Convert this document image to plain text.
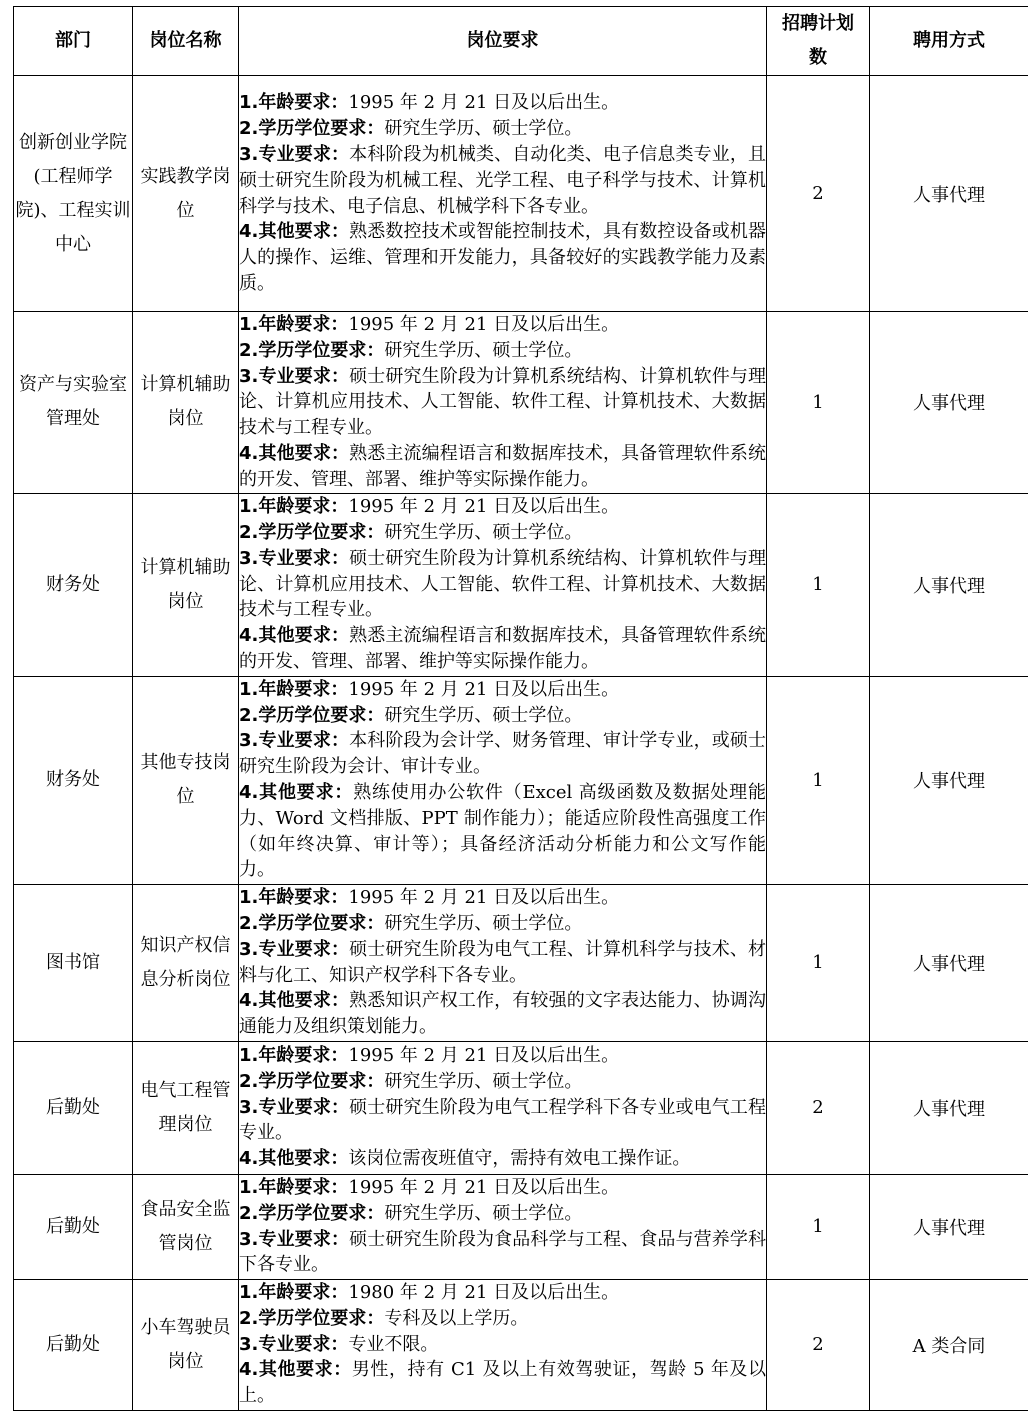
部门	岗位名称	岗位要求	招聘计划数	聘用方式
创新创业学院(工程师学院)、工程实训中心	实践教学岗位	1.年龄要求：1995 年 2 月 21 日及以后出生。
2.学历学位要求：研究生学历、硕士学位。
3.专业要求：本科阶段为机械类、自动化类、电子信息类专业，且硕士研究生阶段为机械工程、光学工程、电子科学与技术、计算机科学与技术、电子信息、机械学科下各专业。
4.其他要求：熟悉数控技术或智能控制技术，具有数控设备或机器人的操作、运维、管理和开发能力，具备较好的实践教学能力及素质。	2	人事代理
资产与实验室管理处	计算机辅助岗位	1.年龄要求：1995 年 2 月 21 日及以后出生。
2.学历学位要求：研究生学历、硕士学位。
3.专业要求：硕士研究生阶段为计算机系统结构、计算机软件与理论、计算机应用技术、人工智能、软件工程、计算机技术、大数据技术与工程专业。
4.其他要求：熟悉主流编程语言和数据库技术，具备管理软件系统的开发、管理、部署、维护等实际操作能力。	1	人事代理
财务处	计算机辅助岗位	1.年龄要求：1995 年 2 月 21 日及以后出生。
2.学历学位要求：研究生学历、硕士学位。
3.专业要求：硕士研究生阶段为计算机系统结构、计算机软件与理论、计算机应用技术、人工智能、软件工程、计算机技术、大数据技术与工程专业。
4.其他要求：熟悉主流编程语言和数据库技术，具备管理软件系统的开发、管理、部署、维护等实际操作能力。	1	人事代理
财务处	其他专技岗位	1.年龄要求：1995 年 2 月 21 日及以后出生。
2.学历学位要求：研究生学历、硕士学位。
3.专业要求：本科阶段为会计学、财务管理、审计学专业，或硕士研究生阶段为会计、审计专业。
4.其他要求：熟练使用办公软件（Excel 高级函数及数据处理能力、Word 文档排版、PPT 制作能力）；能适应阶段性高强度工作（如年终决算、审计等）；具备经济活动分析能力和公文写作能力。	1	人事代理
图书馆	知识产权信息分析岗位	1.年龄要求：1995 年 2 月 21 日及以后出生。
2.学历学位要求：研究生学历、硕士学位。
3.专业要求：硕士研究生阶段为电气工程、计算机科学与技术、材料与化工、知识产权学科下各专业。
4.其他要求：熟悉知识产权工作，有较强的文字表达能力、协调沟通能力及组织策划能力。	1	人事代理
后勤处	电气工程管理岗位	1.年龄要求：1995 年 2 月 21 日及以后出生。
2.学历学位要求：研究生学历、硕士学位。
3.专业要求：硕士研究生阶段为电气工程学科下各专业或电气工程专业。
4.其他要求：该岗位需夜班值守，需持有效电工操作证。	2	人事代理
后勤处	食品安全监管岗位	1.年龄要求：1995 年 2 月 21 日及以后出生。
2.学历学位要求：研究生学历、硕士学位。
3.专业要求：硕士研究生阶段为食品科学与工程、食品与营养学科下各专业。	1	人事代理
后勤处	小车驾驶员岗位	1.年龄要求：1980 年 2 月 21 日及以后出生。
2.学历学位要求：专科及以上学历。
3.专业要求：专业不限。
4.其他要求：男性，持有 C1 及以上有效驾驶证，驾龄 5 年及以上。	2	A 类合同
